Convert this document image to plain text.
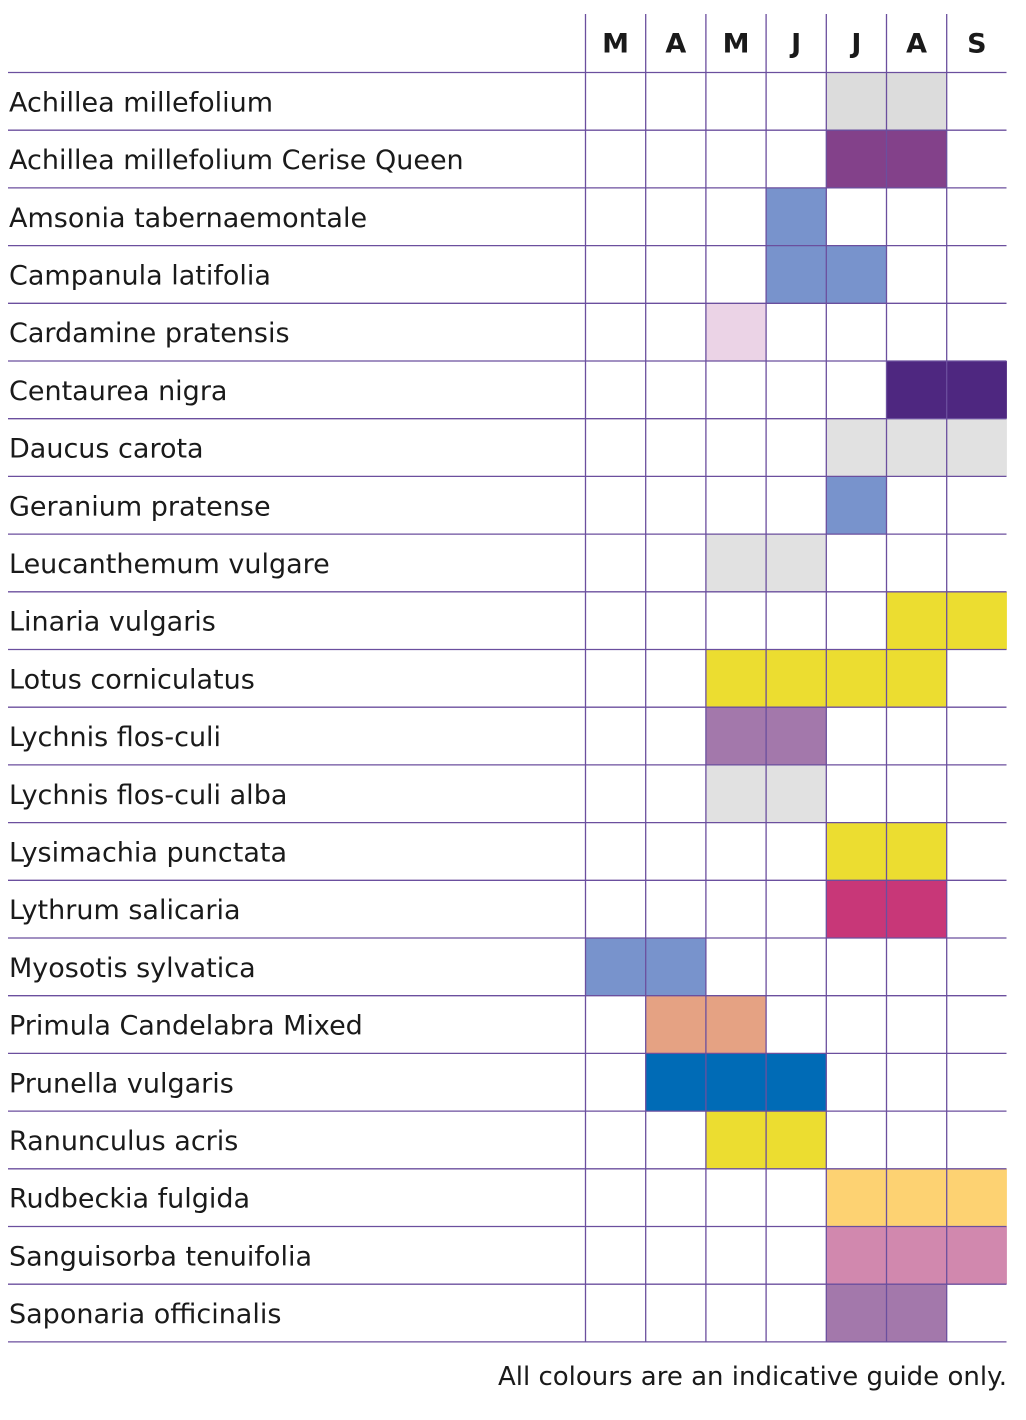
Achillea millefolium
Achillea millefolium Cerise Queen
Amsonia tabernaemontale
Campanula latifolia
Cardamine pratensis
Centaurea nigra
Daucus carota
Geranium pratense
Leucanthemum vulgare
Linaria vulgaris
Lotus corniculatus
Lychnis flos-culi
Lychnis flos-culi alba
Lysimachia punctata
Lythrum salicaria
Myosotis sylvatica
Primula Candelabra Mixed
Prunella vulgaris
Ranunculus acris
Rudbeckia fulgida
Sanguisorba tenuifolia
Saponaria officinalis
M A M J J A S
All colours are an indicative guide only.
